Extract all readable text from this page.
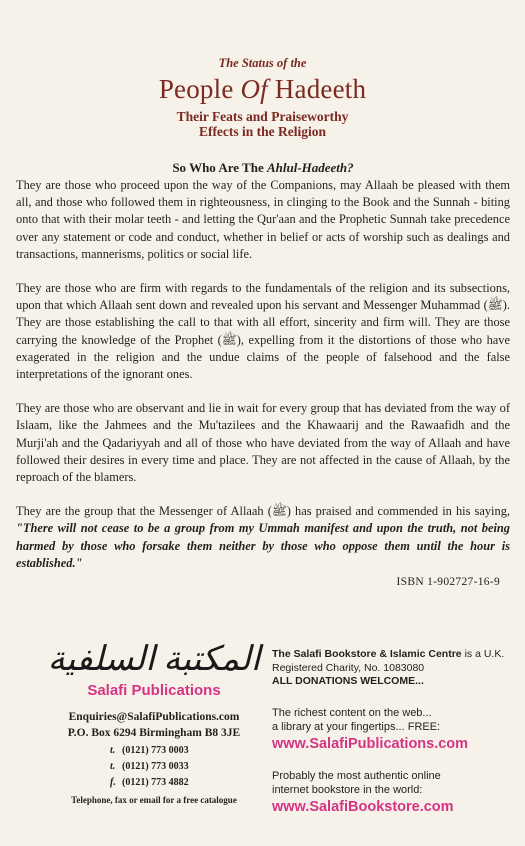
The Status of the
People Of Hadeeth
Their Feats and Praiseworthy
Effects in the Religion
So Who Are The Ahlul-Hadeeth?

They are those who proceed upon the way of the Companions, may Allaah be pleased with them all, and those who followed them in righteousness, in clinging to the Book and the Sunnah - biting onto that with their molar teeth - and letting the Qur'aan and the Prophetic Sunnah take precedence over any statement or code and conduct, whether in belief or acts of worship such as dealings and transactions, mannerisms, politics or social life.

They are those who are firm with regards to the fundamentals of the religion and its subsections, upon that which Allaah sent down and revealed upon his servant and Messenger Muhammad (ﷺ). They are those establishing the call to that with all effort, sincerity and firm will. They are those carrying the knowledge of the Prophet (ﷺ), expelling from it the distortions of those who have exagerated in the religion and the undue claims of the people of falsehood and the false interpretations of the ignorant ones.

They are those who are observant and lie in wait for every group that has deviated from the way of Islaam, like the Jahmees and the Mu'tazilees and the Khawaarij and the Rawaafidh and the Murji'ah and the Qadariyyah and all of those who have deviated from the way of Allaah and have followed their desires in every time and place. They are not affected in the cause of Allaah, by the reproach of the blamers.

They are the group that the Messenger of Allaah (ﷺ) has praised and commended in his saying, "There will not cease to be a group from my Ummah manifest and upon the truth, not being harmed by those who forsake them neither by those who oppose them until the hour is established."

ISBN 1-902727-16-9
المكتبة السلفية
Salafi Publications
Enquiries@SalafiPublications.com
P.O. Box 6294 Birmingham B8 3JE
t. (0121) 773 0003
t. (0121) 773 0033
f. (0121) 773 4882
Telephone, fax or email for a free catalogue
The Salafi Bookstore & Islamic Centre is a U.K.
Registered Charity, No. 1083080
ALL DONATIONS WELCOME...
The richest content on the web...
a library at your fingertips... FREE:
www.SalafiPublications.com
Probably the most authentic online
internet bookstore in the world:
www.SalafiBookstore.com
